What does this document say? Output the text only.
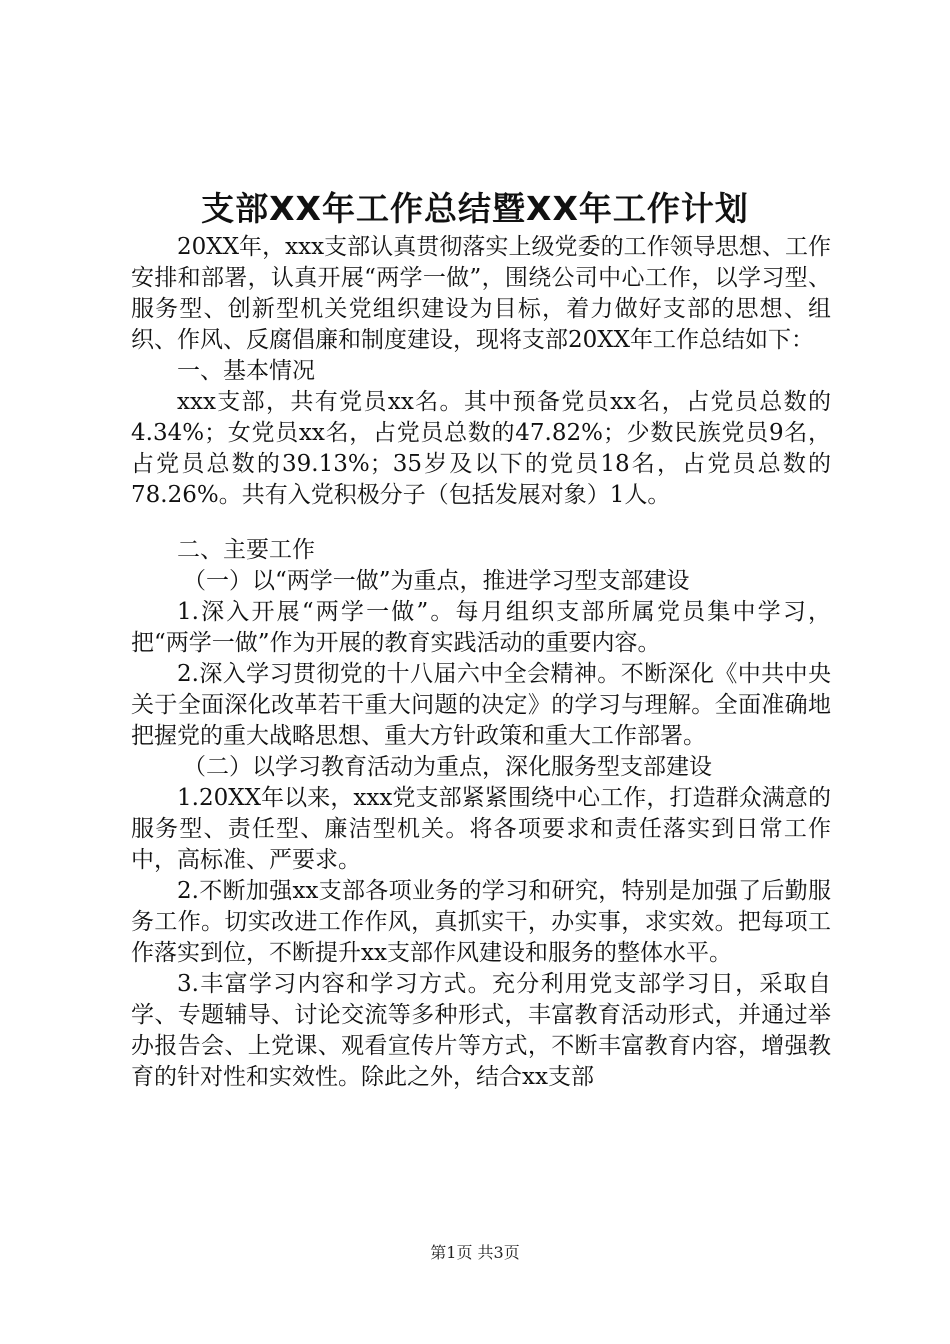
支部XX年工作总结暨XX年工作计划

20XX年，xxx支部认真贯彻落实上级党委的工作领导思想、工作安排和部署，认真开展“两学一做”，围绕公司中心工作，以学习型、服务型、创新型机关党组织建设为目标，着力做好支部的思想、组织、作风、反腐倡廉和制度建设，现将支部20XX年工作总结如下：

一、基本情况

xxx支部，共有党员xx名。其中预备党员xx名，占党员总数的4.34%；女党员xx名，占党员总数的47.82%；少数民族党员9名，占党员总数的39.13%；35岁及以下的党员18名，占党员总数的78.26%。共有入党积极分子（包括发展对象）1人。

二、主要工作

（一）以“两学一做”为重点，推进学习型支部建设

1.深入开展“两学一做”。每月组织支部所属党员集中学习，把“两学一做”作为开展的教育实践活动的重要内容。

2.深入学习贯彻党的十八届六中全会精神。不断深化《中共中央关于全面深化改革若干重大问题的决定》的学习与理解。全面准确地把握党的重大战略思想、重大方针政策和重大工作部署。

（二）以学习教育活动为重点，深化服务型支部建设

1.20XX年以来，xxx党支部紧紧围绕中心工作，打造群众满意的服务型、责任型、廉洁型机关。将各项要求和责任落实到日常工作中，高标准、严要求。

2.不断加强xx支部各项业务的学习和研究，特别是加强了后勤服务工作。切实改进工作作风，真抓实干，办实事，求实效。把每项工作落实到位，不断提升xx支部作风建设和服务的整体水平。

3.丰富学习内容和学习方式。充分利用党支部学习日，采取自学、专题辅导、讨论交流等多种形式，丰富教育活动形式，并通过举办报告会、上党课、观看宣传片等方式，不断丰富教育内容，增强教育的针对性和实效性。除此之外，结合xx支部

第1页 共3页
